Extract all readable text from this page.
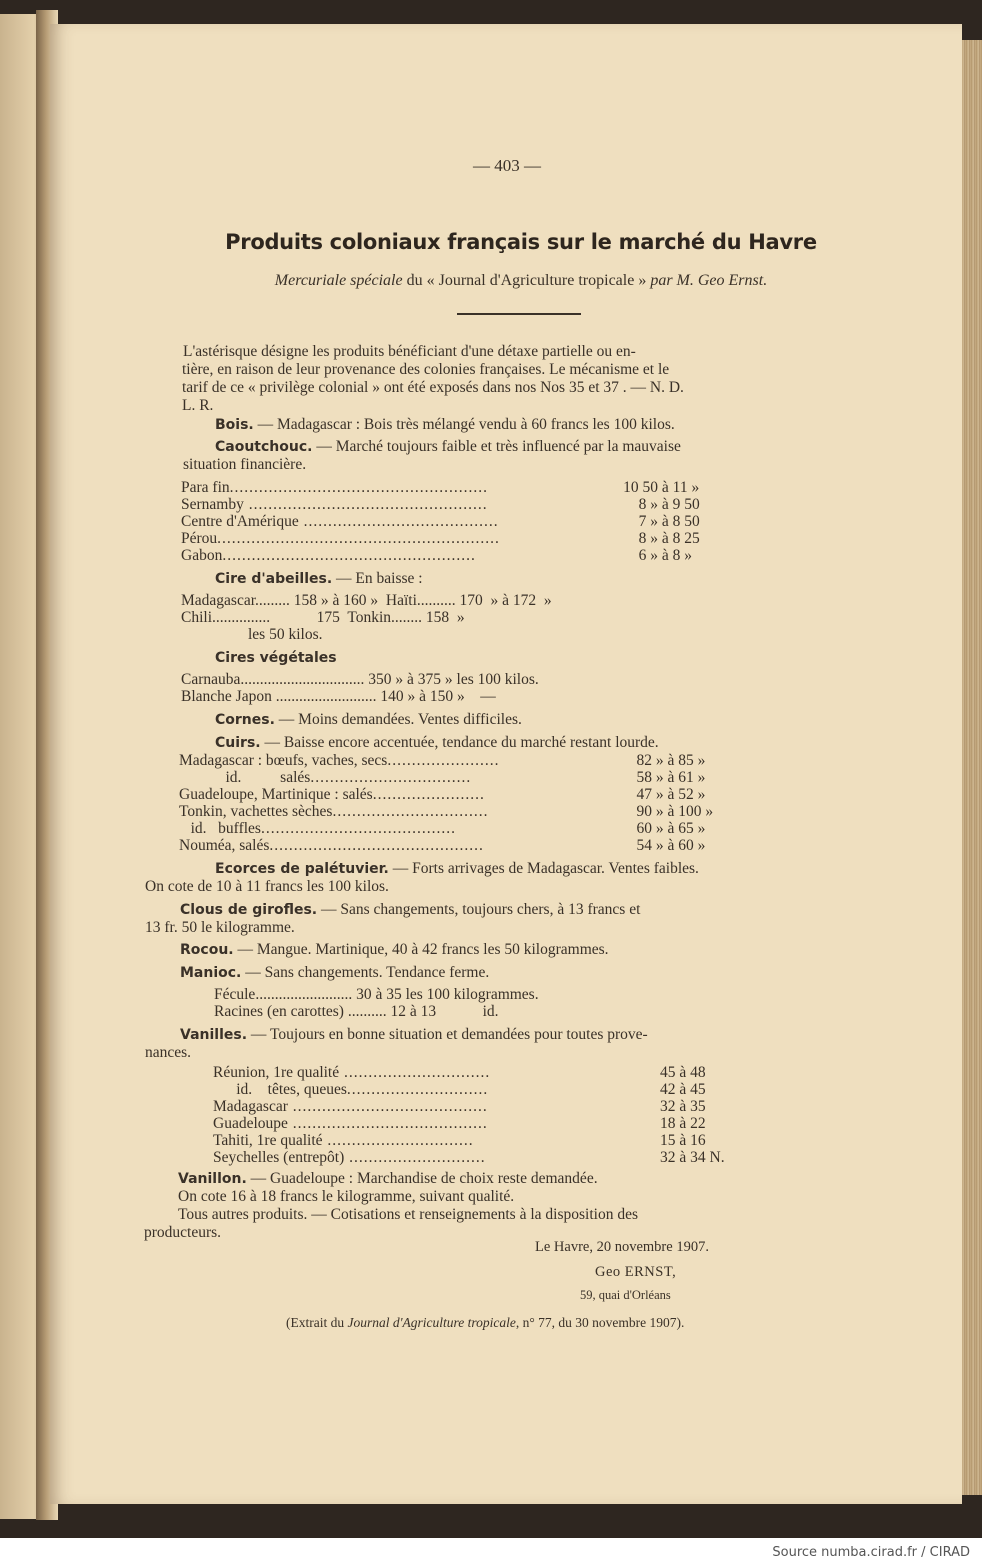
— 403 —
Produits coloniaux français sur le marché du Havre
Mercuriale spéciale du « Journal d'Agriculture tropicale » par M. Geo Ernst.
L'astérisque désigne les produits bénéficiant d'une détaxe partielle ou en-
tière, en raison de leur provenance des colonies françaises. Le mécanisme et le
tarif de ce « privilège colonial » ont été exposés dans nos Nos 35 et 37 . — N. D.
L. R.
Bois. — Madagascar : Bois très mélangé vendu à 60 francs les 100 kilos.
Caoutchouc. — Marché toujours faible et très influencé par la mauvaise
situation financière.
Para fin.....................................................
Sernamby .................................................
Centre d'Amérique ........................................
Pérou..........................................................
Gabon....................................................
10 50 à 11 »
8 » à 9 50
7 » à 8 50
8 » à 8 25
6 » à 8 »
Cire d'abeilles. — En baisse :
Madagascar......... 158 » à 160 »  Haïti.......... 170  » à 172  »
Chili...............            175  Tonkin........ 158  »
les 50 kilos.
Cires végétales
Carnauba................................ 350 » à 375 » les 100 kilos.
Blanche Japon .......................... 140 » à 150 »    —
Cornes. — Moins demandées. Ventes difficiles.
Cuirs. — Baisse encore accentuée, tendance du marché restant lourde.
Madagascar : bœufs, vaches, secs.......................
id.          salés.................................
Guadeloupe, Martinique : salés.......................
Tonkin, vachettes sèches................................
id.   buffles........................................
Nouméa, salés............................................
82 » à 85 »
58 » à 61 »
47 » à 52 »
90 » à 100 »
60 » à 65 »
54 » à 60 »
Ecorces de palétuvier. — Forts arrivages de Madagascar. Ventes faibles.
On cote de 10 à 11 francs les 100 kilos.
Clous de girofles. — Sans changements, toujours chers, à 13 francs et
13 fr. 50 le kilogramme.
Rocou. — Mangue. Martinique, 40 à 42 francs les 50 kilogrammes.
Manioc. — Sans changements. Tendance ferme.
Fécule......................... 30 à 35 les 100 kilogrammes.
Racines (en carottes) .......... 12 à 13            id.
Vanilles. — Toujours en bonne situation et demandées pour toutes prove-
nances.
Réunion, 1re qualité ..............................
id.    têtes, queues.............................
Madagascar ........................................
Guadeloupe ........................................
Tahiti, 1re qualité ..............................
Seychelles (entrepôt) ............................
45 à 48
42 à 45
32 à 35
18 à 22
15 à 16
32 à 34 N.
Vanillon. — Guadeloupe : Marchandise de choix reste demandée.
On cote 16 à 18 francs le kilogramme, suivant qualité.
Tous autres produits. — Cotisations et renseignements à la disposition des
producteurs.
Le Havre, 20 novembre 1907.
Geo ERNST,
59, quai d'Orléans
(Extrait du Journal d'Agriculture tropicale, n° 77, du 30 novembre 1907).
Source numba.cirad.fr / CIRAD
